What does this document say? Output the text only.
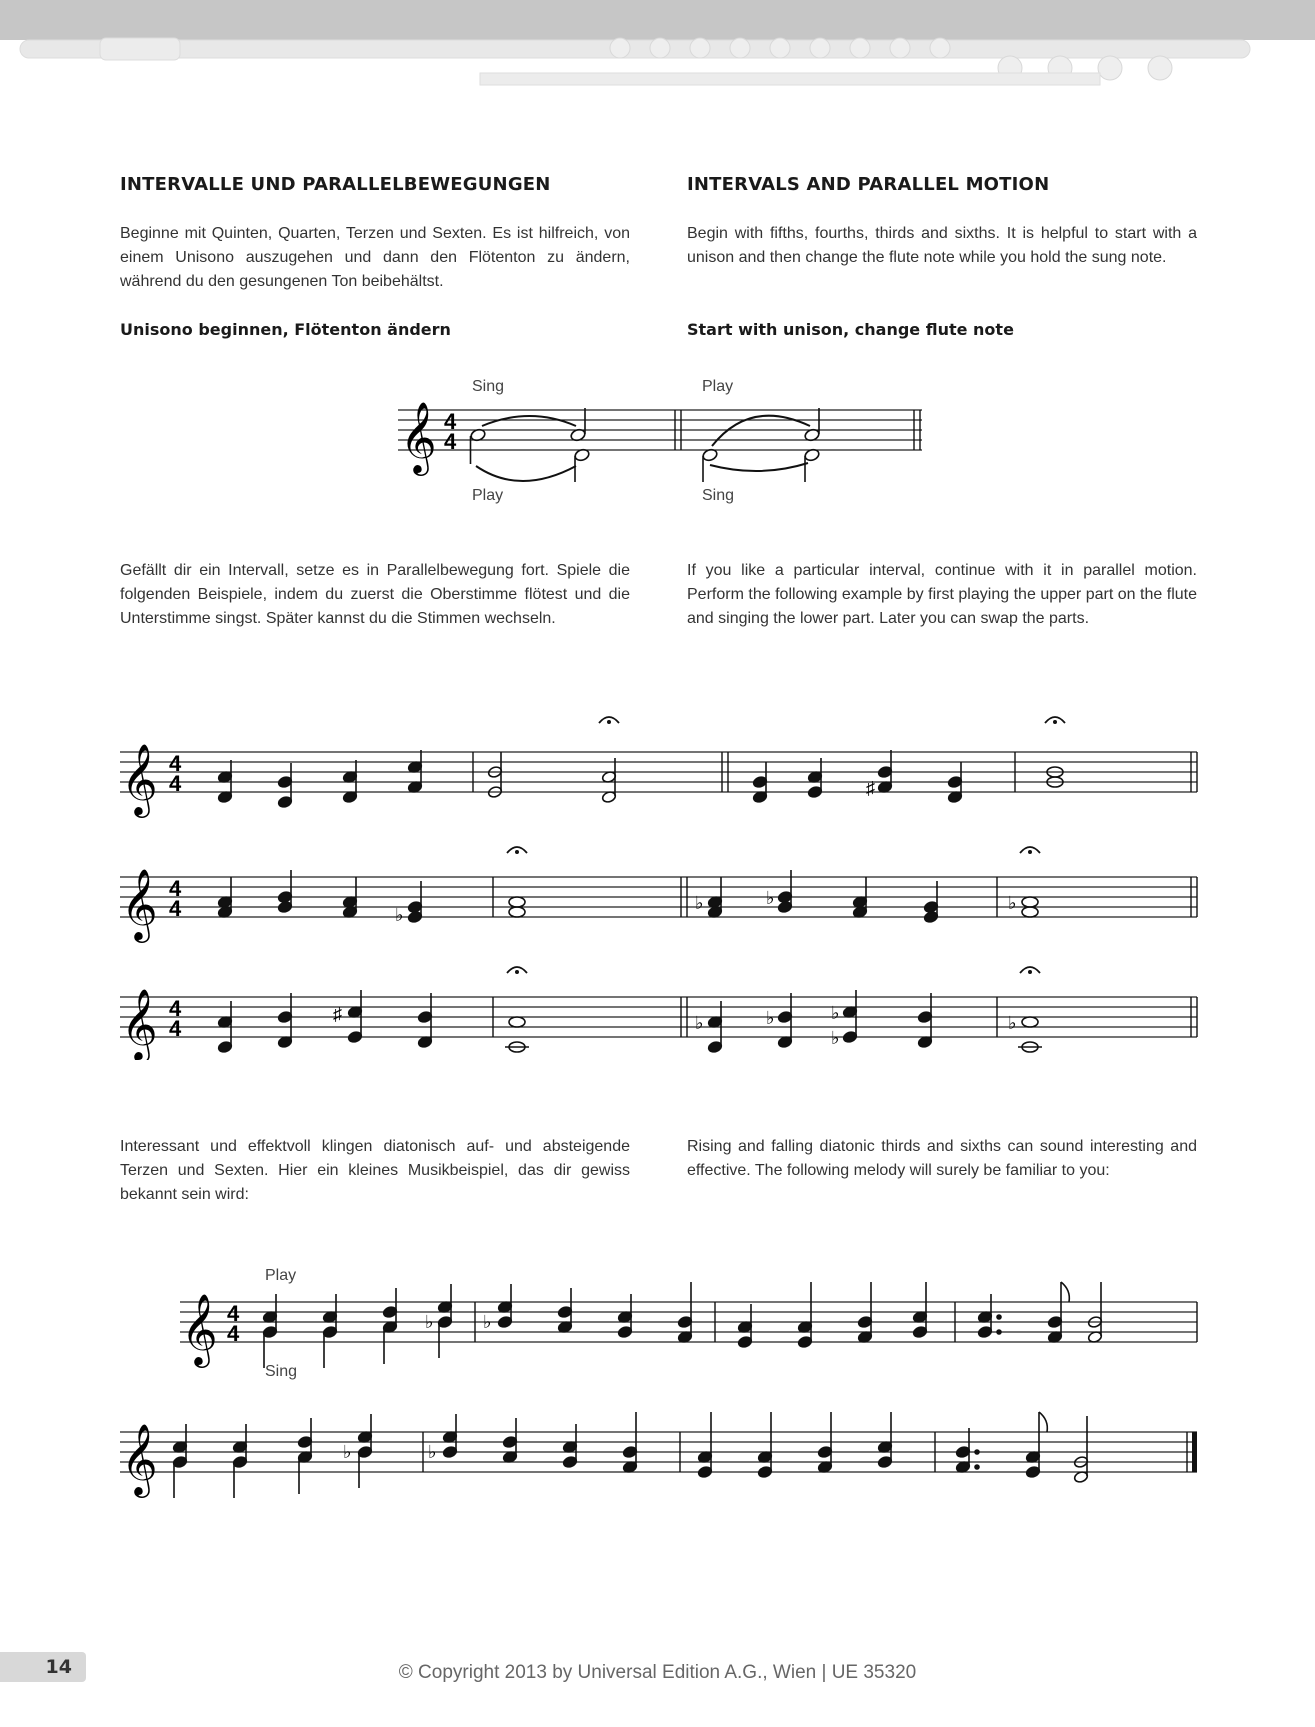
INTERVALLE UND PARALLELBEWEGUNGEN	INTERVALS AND PARALLEL MOTION

Beginne mit Quinten, Quarten, Terzen und Sexten. Es ist hilfreich, von einem Unisono auszugehen und dann den Flötenton zu ändern, während du den gesungenen Ton beibehältst.

Begin with fifths, fourths, thirds and sixths. It is helpful to start with a unison and then change the flute note while you hold the sung note.

Unisono beginnen, Flötenton ändern	Start with unison, change flute note

𝄞 4
4
Sing
Play
Play
Sing

Gefällt dir ein Intervall, setze es in Parallelbewegung fort. Spiele die folgenden Beispiele, indem du zuerst die Oberstimme flötest und die Unterstimme singst. Später kannst du die Stimmen wechseln.

If you like a particular interval, continue with it in parallel motion. Perform the following example by first playing the upper part on the flute and singing the lower part. Later you can swap the parts.

𝄞 4
4	♯
𝄞 4
4	♭
♭	♭	♭
𝄞 4
4
♯	♭	♭	♭
♭
♭

Interessant und effektvoll klingen diatonisch auf- und absteigende Terzen und Sexten. Hier ein kleines Musikbeispiel, das dir gewiss bekannt sein wird:

Rising and falling diatonic thirds and sixths can sound interesting and effective. The following melody will surely be familiar to you:

Play
Sing
𝄞 4
4	♭	♭
𝄞	♭	♭
14	© Copyright 2013 by Universal Edition A.G., Wien | UE 35320
